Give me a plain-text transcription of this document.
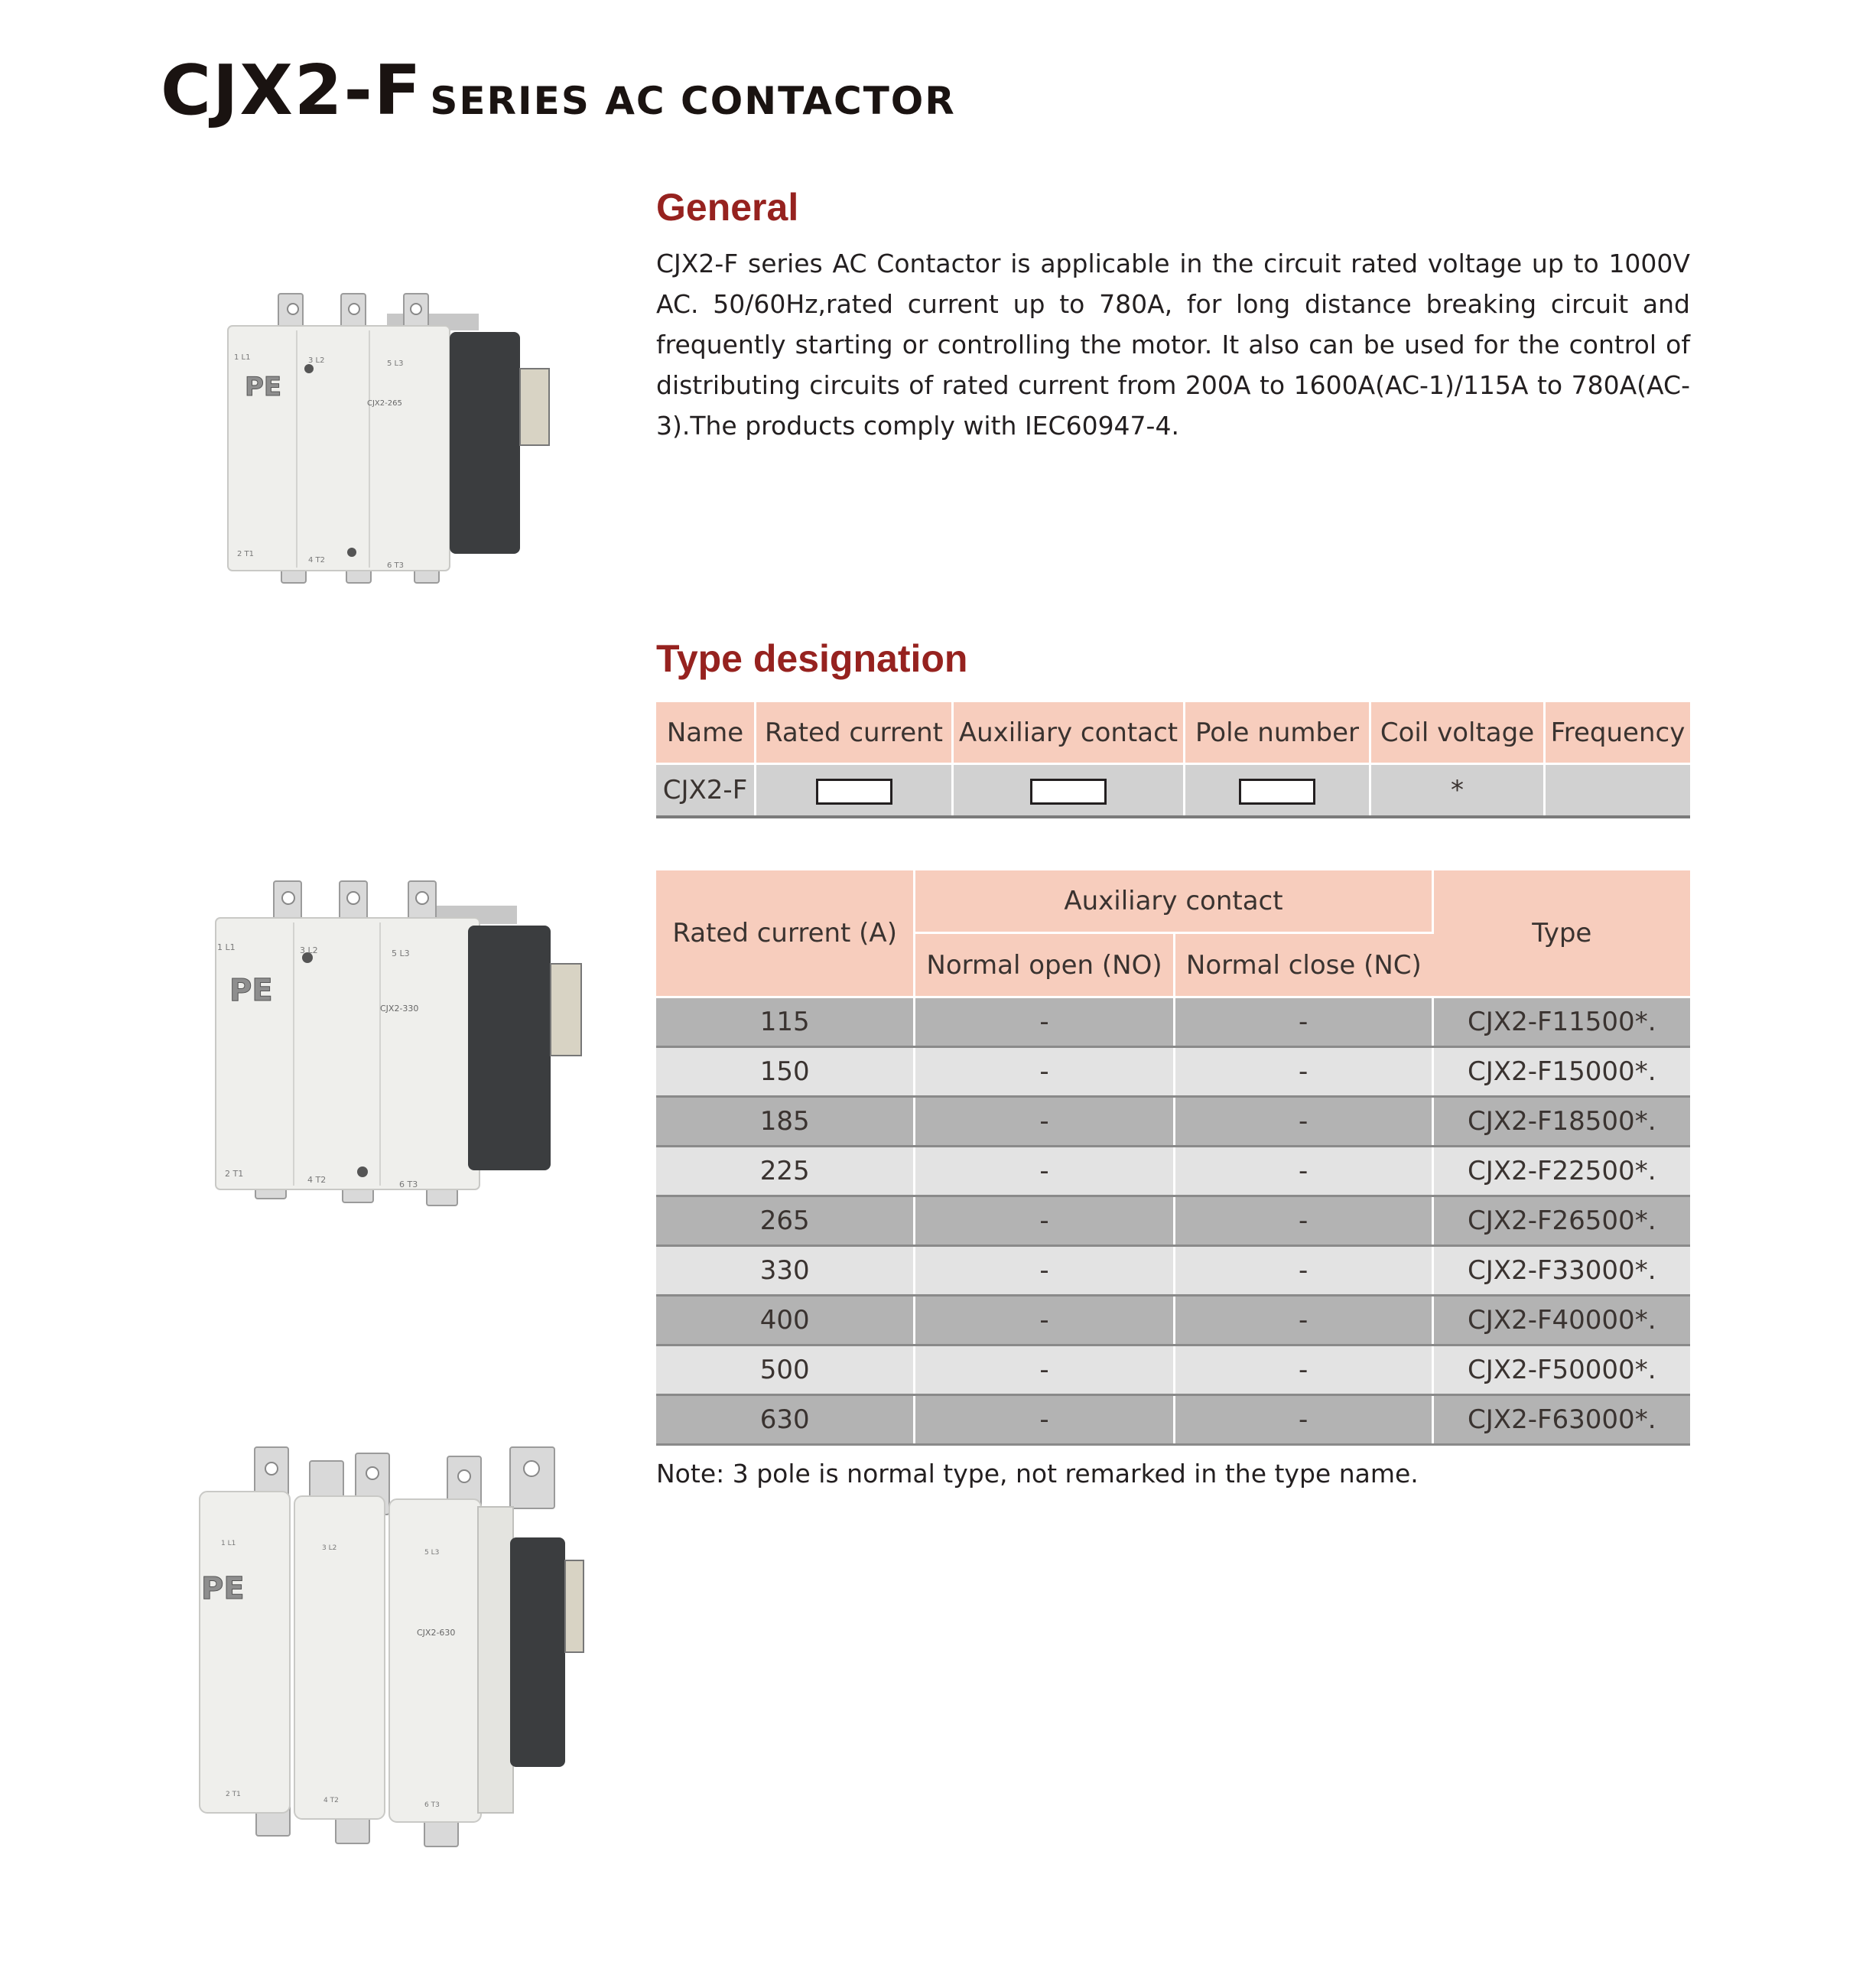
CJX2-F SERIES AC CONTACTOR
General
CJX2-F series AC Contactor is applicable in the circuit rated voltage up to 1000V AC. 50/60Hz,rated current up to 780A, for long distance breaking circuit and frequently starting or controlling the motor. It also can be used for the control of distributing circuits of rated current from 200A to 1600A(AC-1)/115A to 780A(AC-3).The products comply with IEC60947-4.
Type designation
Name	Rated current	Auxiliary contact	Pole number	Coil voltage	Frequency
CJX2-F				*	
Rated current (A)	Auxiliary contact		Type
	Normal open (NO)	Normal close (NC)	
115	-	-	CJX2-F11500*.
150	-	-	CJX2-F15000*.
185	-	-	CJX2-F18500*.
225	-	-	CJX2-F22500*.
265	-	-	CJX2-F26500*.
330	-	-	CJX2-F33000*.
400	-	-	CJX2-F40000*.
500	-	-	CJX2-F50000*.
630	-	-	CJX2-F63000*.
Note: 3 pole is normal type, not remarked in the type name.
PE
CJX2-265
1 L1	3 L2	5 L3
2 T1
4 T2
6 T3
PE
CJX2-330
1 L1	3 L2	5 L3
2 T1
4 T2	6 T3
PE
CJX2-630
1 L1
3 L2
5 L3
2 T1
4 T2
6 T3
